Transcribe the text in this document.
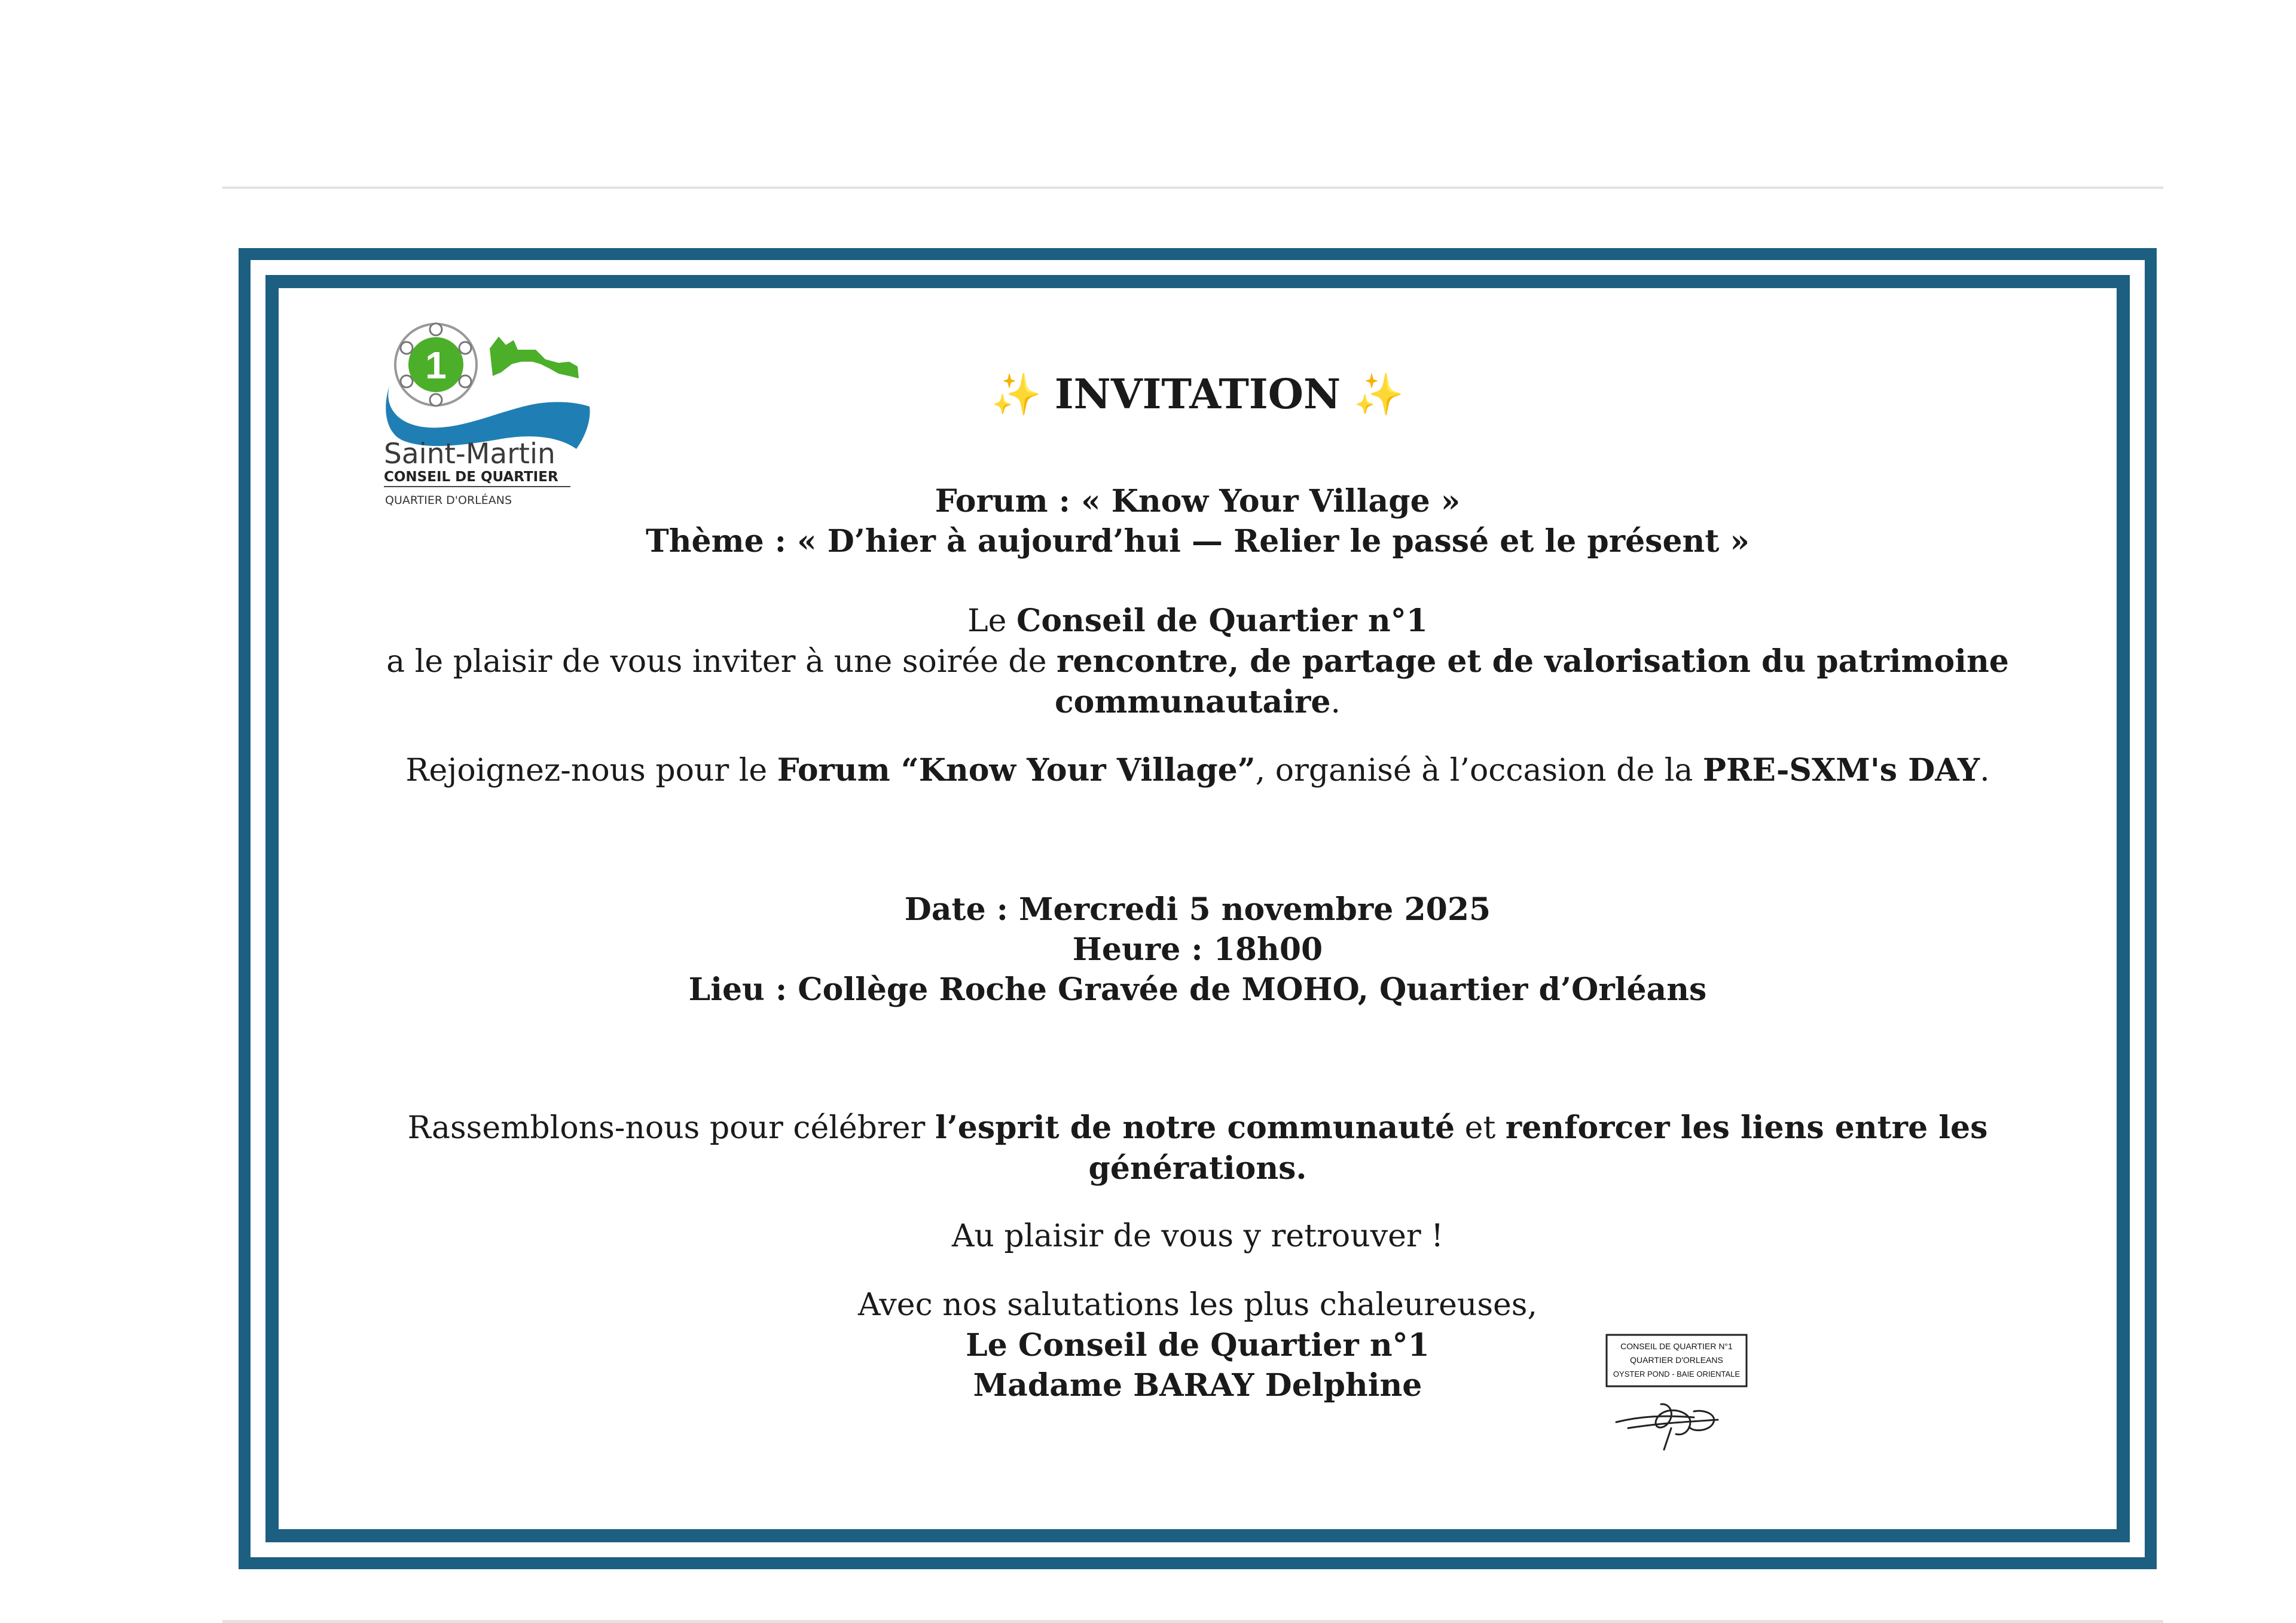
1
Saint-Martin
CONSEIL DE QUARTIER
QUARTIER D'ORLÉANS
✨ INVITATION ✨
Forum : « Know Your Village »
Thème : « D’hier à aujourd’hui — Relier le passé et le présent »
Le Conseil de Quartier n°1
a le plaisir de vous inviter à une soirée de rencontre, de partage et de valorisation du patrimoine communautaire.
Rejoignez-nous pour le Forum “Know Your Village”, organisé à l’occasion de la PRE-SXM's DAY.
Date : Mercredi 5 novembre 2025
Heure : 18h00
Lieu : Collège Roche Gravée de MOHO, Quartier d’Orléans
Rassemblons-nous pour célébrer l’esprit de notre communauté et renforcer les liens entre les générations.
Au plaisir de vous y retrouver !
Avec nos salutations les plus chaleureuses,
Le Conseil de Quartier n°1
Madame BARAY Delphine
CONSEIL DE QUARTIER N°1
QUARTIER D'ORLEANS
OYSTER POND - BAIE ORIENTALE
